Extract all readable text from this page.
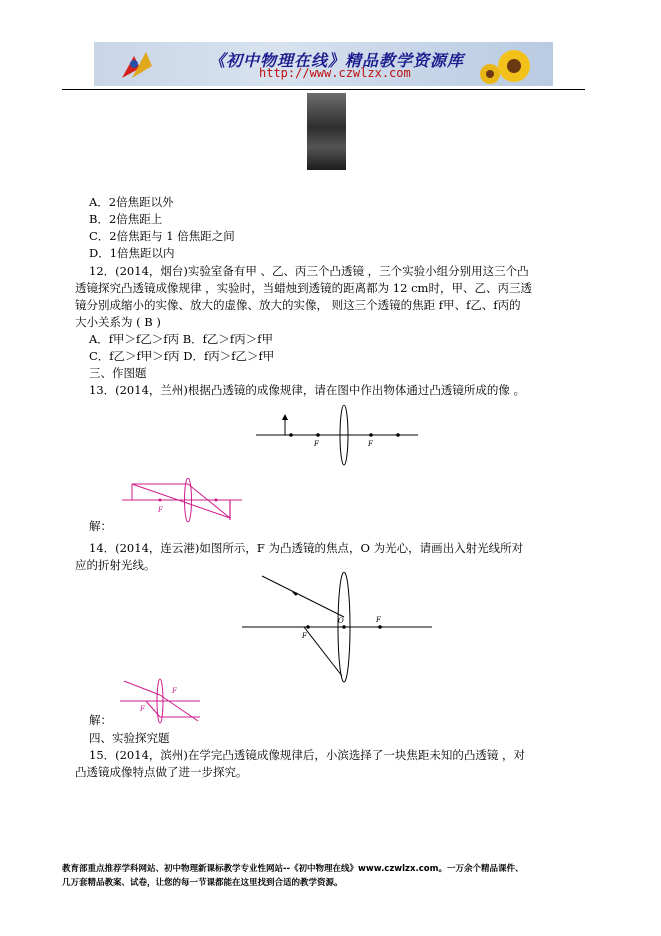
《初中物理在线》精品教学资源库
http://www.czwlzx.com
A．2倍焦距以外
B．2倍焦距上
C．2倍焦距与 1 倍焦距之间
D．1倍焦距以内
12．(2014，烟台)实验室备有甲 、乙、丙三个凸透镜 ，三个实验小组分别用这三个凸
透镜探究凸透镜成像规律 ，实验时，当蜡烛到透镜的距离都为 12 cm时，甲、乙、丙三透
镜分别成缩小的实像、放大的虚像、放大的实像， 则这三个透镜的焦距 f甲、f乙、f丙的
大小关系为 ( B )
A．f甲＞f乙＞f丙 B．f乙＞f丙＞f甲
C．f乙＞f甲＞f丙 D．f丙＞f乙＞f甲
三、作图题
13．(2014，兰州)根据凸透镜的成像规律，请在图中作出物体通过凸透镜所成的像 。
F	F
F
解：
14．(2014，连云港)如图所示，F 为凸透镜的焦点，O 为光心，请画出入射光线所对
应的折射光线。
O
F
F
F
F
解：
四、实验探究题
15．(2014，滨州)在学完凸透镜成像规律后，小滨选择了一块焦距未知的凸透镜 ，对
凸透镜成像特点做了进一步探究。
教育部重点推荐学科网站、初中物理新课标教学专业性网站--《初中物理在线》www.czwlzx.com。一万余个精品课件、
几万套精品教案、试卷，让您的每一节课都能在这里找到合适的教学资源。
